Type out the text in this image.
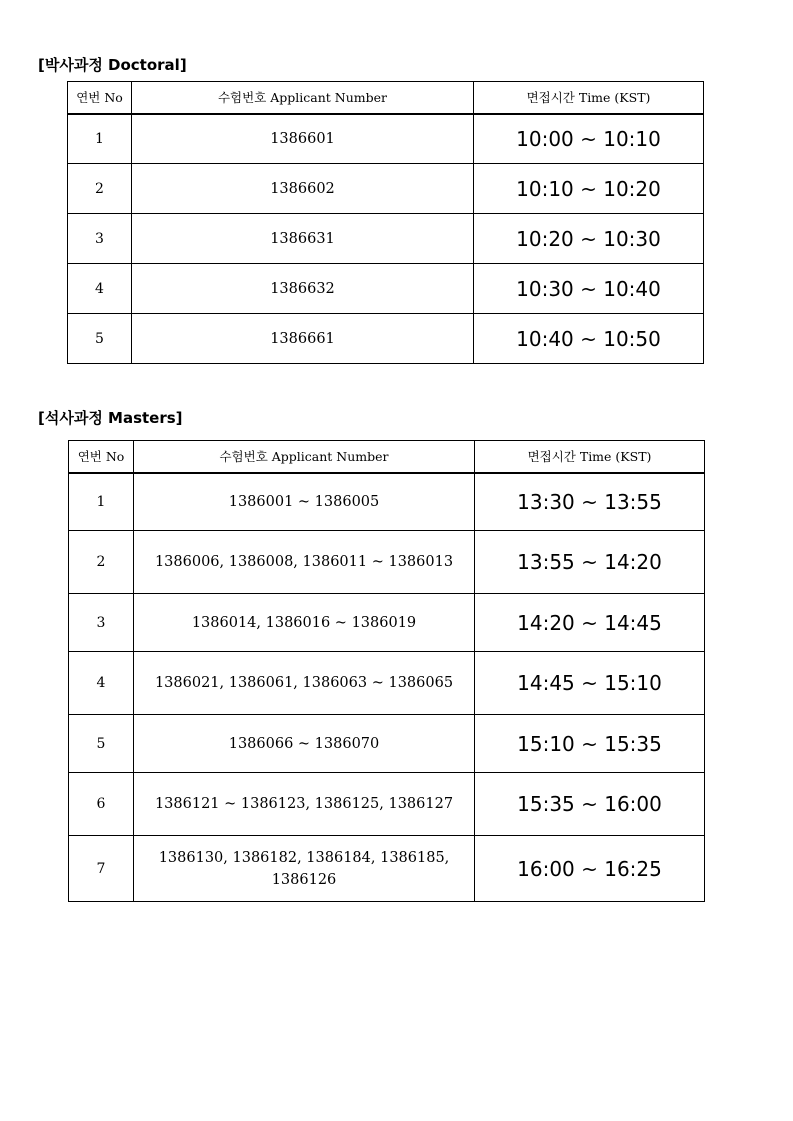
[박사과정 Doctoral]
연번 No	수험번호 Applicant Number	면접시간 Time (KST)
1	1386601	10:00 ~ 10:10
2	1386602	10:10 ~ 10:20
3	1386631	10:20 ~ 10:30
4	1386632	10:30 ~ 10:40
5	1386661	10:40 ~ 10:50
[석사과정 Masters]
연번 No	수험번호 Applicant Number	면접시간 Time (KST)
1	1386001 ~ 1386005	13:30 ~ 13:55
2	1386006, 1386008, 1386011 ~ 1386013	13:55 ~ 14:20
3	1386014, 1386016 ~ 1386019	14:20 ~ 14:45
4	1386021, 1386061, 1386063 ~ 1386065	14:45 ~ 15:10
5	1386066 ~ 1386070	15:10 ~ 15:35
6	1386121 ~ 1386123, 1386125, 1386127	15:35 ~ 16:00
7	1386130, 1386182, 1386184, 1386185, 1386126	16:00 ~ 16:25
